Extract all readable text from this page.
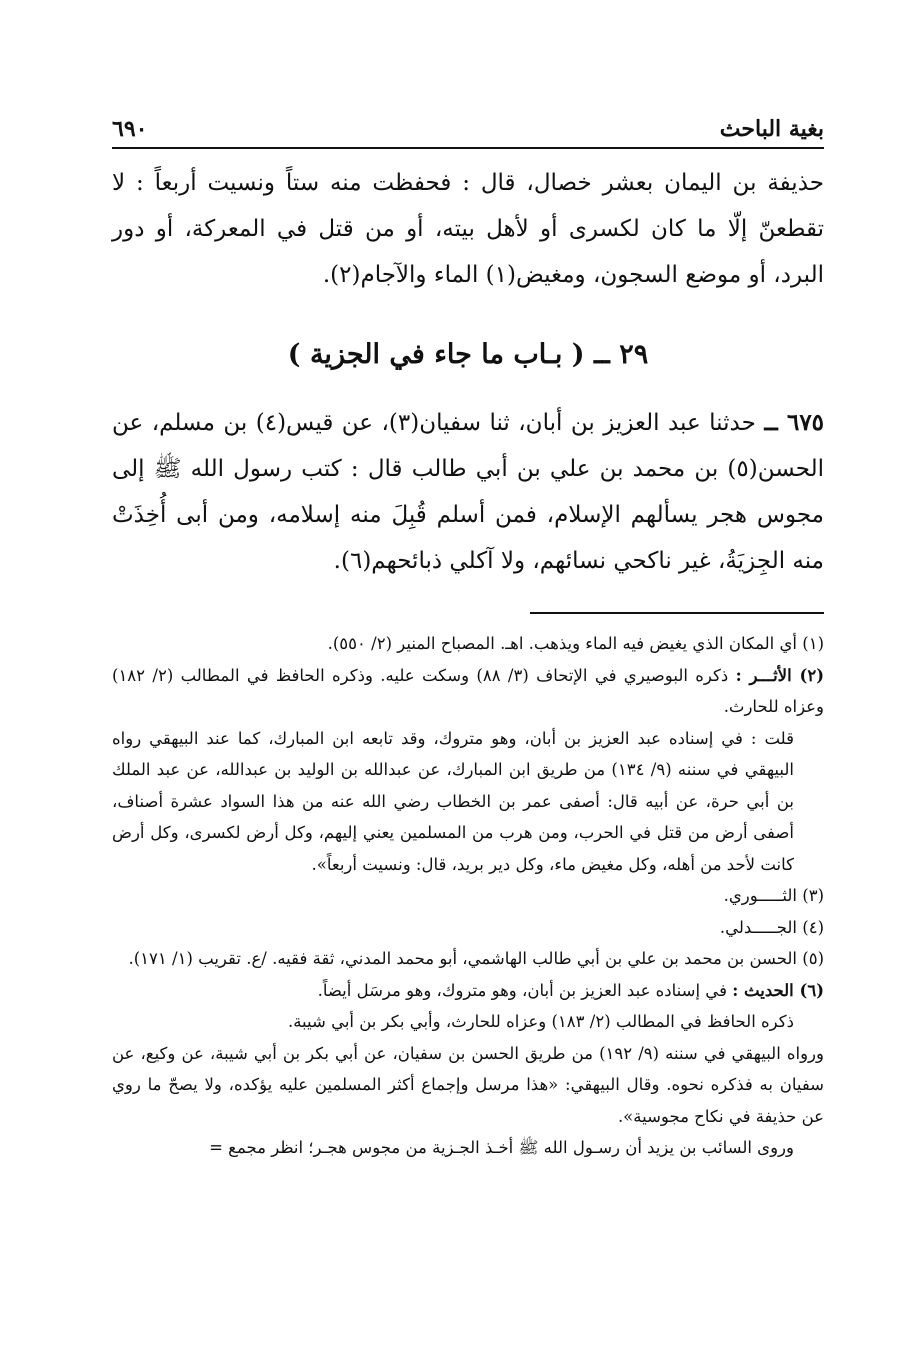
بغية الباحث
٦٩٠

حذيفة بن اليمان بعشر خصال، قال : فحفظت منه ستاً ونسيت أربعاً : لا تقطعنّ إلّا ما كان لكسرى أو لأهل بيته، أو من قتل في المعركة، أو دور البرد، أو موضع السجون، ومغيض(١) الماء والآجام(٢).

٢٩ ــ ( بـاب ما جاء في الجزية )

٦٧٥ ــ حدثنا عبد العزيز بن أبان، ثنا سفيان(٣)، عن قيس(٤) بن مسلم، عن الحسن(٥) بن محمد بن علي بن أبي طالب قال : كتب رسول الله ﷺ إلى مجوس هجر يسألهم الإسلام، فمن أسلم قُبِلَ منه إسلامه، ومن أبى أُخِذَتْ منه الجِزيَةُ، غير ناكحي نسائهم، ولا آكلي ذبائحهم(٦).

(١) أي المكان الذي يغيض فيه الماء ويذهب. اهـ. المصباح المنير (٢/ ٥٥٠).

(٢) الأثـــر : ذكره البوصيري في الإتحاف (٣/ ٨٨) وسكت عليه. وذكره الحافظ في المطالب (٢/ ١٨٢) وعزاه للحارث.

قلت : في إسناده عبد العزيز بن أبان، وهو متروك، وقد تابعه ابن المبارك، كما عند البيهقي رواه البيهقي في سننه (٩/ ١٣٤) من طريق ابن المبارك، عن عبدالله بن الوليد بن عبدالله، عن عبد الملك بن أبي حرة، عن أبيه قال: أصفى عمر بن الخطاب رضي الله عنه من هذا السواد عشرة أصناف، أصفى أرض من قتل في الحرب، ومن هرب من المسلمين يعني إليهم، وكل أرض لكسرى، وكل أرض كانت لأحد من أهله، وكل مغيض ماء، وكل دير بريد، قال: ونسيت أربعاً».

(٣) الثـــــوري.

(٤) الجـــــدلي.

(٥) الحسن بن محمد بن علي بن أبي طالب الهاشمي، أبو محمد المدني، ثقة فقيه. /ع. تقريب (١/ ١٧١).

(٦) الحديث : في إسناده عبد العزيز بن أبان، وهو متروك، وهو مرسَل أيضاً.

ذكره الحافظ في المطالب (٢/ ١٨٣) وعزاه للحارث، وأبي بكر بن أبي شيبة.

ورواه البيهقي في سننه (٩/ ١٩٢) من طريق الحسن بن سفيان، عن أبي بكر بن أبي شيبة، عن وكيع، عن سفيان به فذكره نحوه. وقال البيهقي: «هذا مرسل وإجماع أكثر المسلمين عليه يؤكده، ولا يصحّ ما روي عن حذيفة في نكاح مجوسية».

وروى السائب بن يزيد أن رسـول الله ﷺ أخـذ الجـزية من مجوس هجـر؛ انظر مجمع =
